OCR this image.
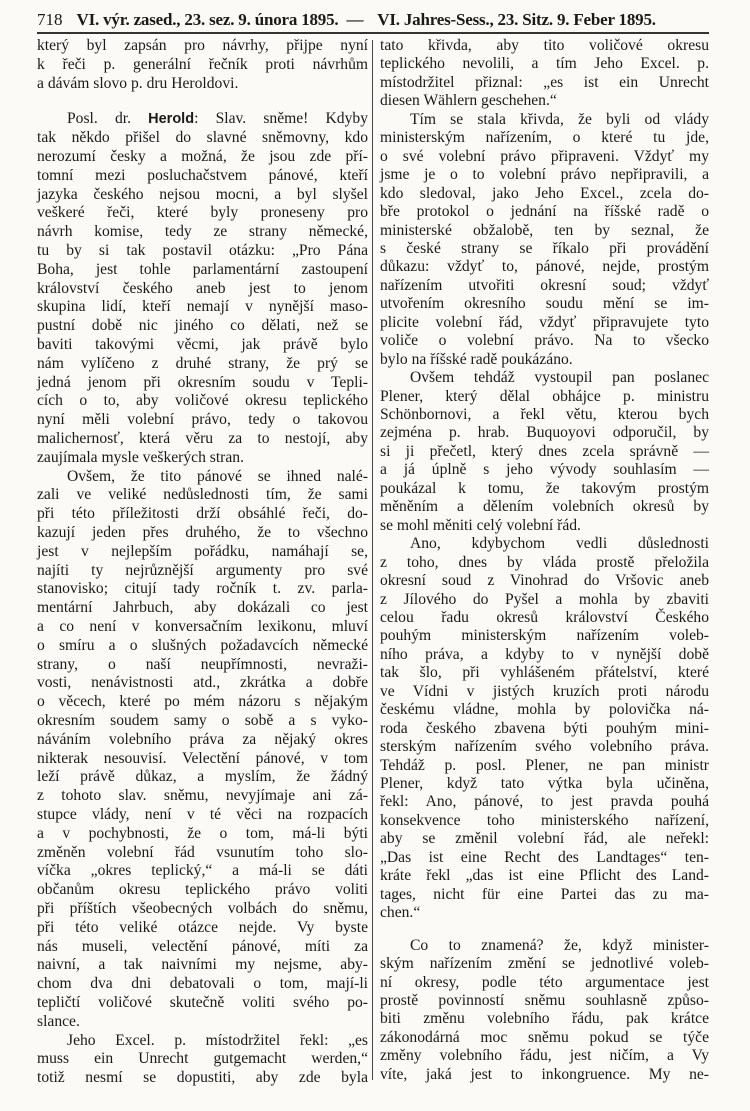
718 VI. výr. zased., 23. sez. 9. února 1895. — VI. Jahres-Sess., 23. Sitz. 9. Feber 1895.
který byl zapsán pro návrhy, přijpe nyní
k řeči p. generální řečník proti návrhům
a dávám slovo p. dru Heroldovi.
Posl. dr. Herold: Slav. sněme! Kdyby
tak někdo přišel do slavné sněmovny, kdo
nerozumí česky a možná, že jsou zde pří-
tomní mezi posluchačstvem pánové, kteří
jazyka českého nejsou mocni, a byl slyšel
veškeré řeči, které byly proneseny pro
návrh komise, tedy ze strany německé,
tu by si tak postavil otázku: „Pro Pána
Boha, jest tohle parlamentární zastoupení
království českého aneb jest to jenom
skupina lidí, kteří nemají v nynější maso-
pustní době nic jiného co dělati, než se
baviti takovými věcmi, jak právě bylo
nám vylíčeno z druhé strany, že prý se
jedná jenom při okresním soudu v Tepli-
cích o to, aby voličové okresu teplického
nyní měli volební právo, tedy o takovou
malichernosť, která věru za to nestojí, aby
zaujímala mysle veškerých stran.
Ovšem, že tito pánové se ihned nalé-
zali ve veliké nedůslednosti tím, že sami
při této příležitosti drží obsáhlé řeči, do-
kazují jeden přes druhého, že to všechno
jest v nejlepším pořádku, namáhají se,
najíti ty nejrůznější argumenty pro své
stanovisko; citují tady ročník t. zv. parla-
mentární Jahrbuch, aby dokázali co jest
a co není v konversačním lexikonu, mluví
o smíru a o slušných požadavcích německé
strany, o naší neupřímnosti, nevraži-
vosti, nenávistnosti atd., zkrátka a dobře
o věcech, které po mém názoru s nějakým
okresním soudem samy o sobě a s vyko-
náváním volebního práva za nějaký okres
nikterak nesouvisí. Velectění pánové, v tom
leží právě důkaz, a myslím, že žádný
z tohoto slav. sněmu, nevyjímaje ani zá-
stupce vlády, není v té věci na rozpacích
a v pochybnosti, že o tom, má-li býti
změněn volební řád vsunutím toho slo-
víčka „okres teplický,“ a má-li se dáti
občanům okresu teplického právo voliti
při příštích všeobecných volbách do sněmu,
při této veliké otázce nejde. Vy byste
nás museli, velectění pánové, míti za
naivní, a tak naivními my nejsme, aby-
chom dva dni debatovali o tom, mají-li
tepličtí voličové skutečně voliti svého po-
slance.
Jeho Excel. p. místodržitel řekl: „es
muss ein Unrecht gutgemacht werden,“
totiž nesmí se dopustiti, aby zde byla
tato křivda, aby tito voličové okresu
teplického nevolili, a tím Jeho Excel. p.
místodržitel přiznal: „es ist ein Unrecht
diesen Wählern geschehen.“
Tím se stala křivda, že byli od vlády
ministerským nařízením, o které tu jde,
o své volební právo připraveni. Vždyť my
jsme je o to volební právo nepřipravili, a
kdo sledoval, jako Jeho Excel., zcela do-
bře protokol o jednání na říšské radě o
ministerské obžalobě, ten by seznal, že
s české strany se říkalo při provádění
důkazu: vždyť to, pánové, nejde, prostým
nařízením utvořiti okresní soud; vždyť
utvořením okresního soudu mění se im-
plicite volební řád, vždyť připravujete tyto
voliče o volební právo. Na to všecko
bylo na říšské radě poukázáno.
Ovšem tehdáž vystoupil pan poslanec
Plener, který dělal obhájce p. ministru
Schönbornovi, a řekl větu, kterou bych
zejména p. hrab. Buquoyovi odporučil, by
si ji přečetl, který dnes zcela správně —
a já úplně s jeho vývody souhlasím —
poukázal k tomu, že takovým prostým
měněním a dělením volebních okresů by
se mohl měniti celý volební řád.
Ano, kdybychom vedli důslednosti
z toho, dnes by vláda prostě přeložila
okresní soud z Vinohrad do Vršovic aneb
z Jílového do Pyšel a mohla by zbaviti
celou řadu okresů království Českého
pouhým ministerským nařízením voleb-
ního práva, a kdyby to v nynější době
tak šlo, při vyhlášeném přátelství, které
ve Vídni v jistých kruzích proti národu
českému vládne, mohla by polovička ná-
roda českého zbavena býti pouhým mini-
sterským nařízením svého volebního práva.
Tehdáž p. posl. Plener, ne pan ministr
Plener, když tato výtka byla učiněna,
řekl: Ano, pánové, to jest pravda pouhá
konsekvence toho ministerského nařízení,
aby se změnil volební řád, ale neřekl:
„Das ist eine Recht des Landtages“ ten-
kráte řekl „das ist eine Pflicht des Land-
tages, nicht für eine Partei das zu ma-
chen.“
Co to znamená? že, když minister-
ským nařízením změní se jednotlivé voleb-
ní okresy, podle této argumentace jest
prostě povinností sněmu souhlasně způso-
biti změnu volebního řádu, pak krátce
zákonodárná moc sněmu pokud se týče
změny volebního řádu, jest ničím, a Vy
víte, jaká jest to inkongruence. My ne-
